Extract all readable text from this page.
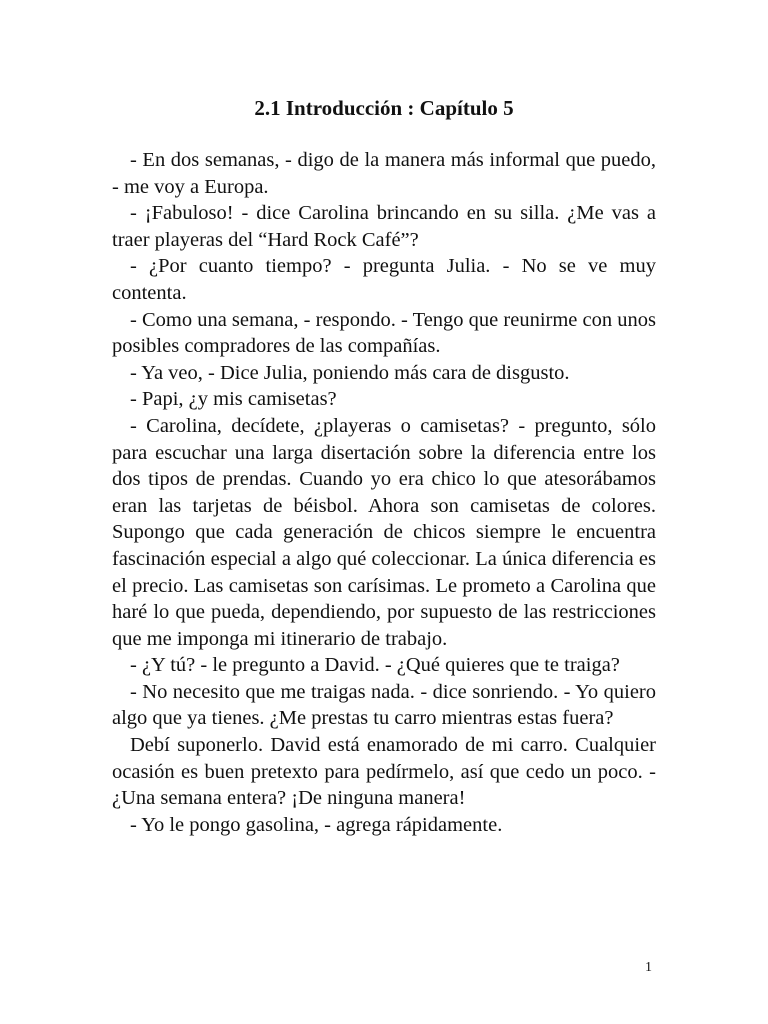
2.1 Introducción : Capítulo 5

- En dos semanas, - digo de la manera más informal que puedo, - me voy a Europa.

- ¡Fabuloso! - dice Carolina brincando en su silla. ¿Me vas a traer playeras del “Hard Rock Café”?

- ¿Por cuanto tiempo? - pregunta Julia. - No se ve muy contenta.

- Como una semana, - respondo. - Tengo que reunirme con unos posibles compradores de las compañías.

- Ya veo, - Dice Julia, poniendo más cara de disgusto.

- Papi, ¿y mis camisetas?

- Carolina, decídete, ¿playeras o camisetas? - pregunto, sólo para escuchar una larga disertación sobre la diferencia entre los dos tipos de prendas. Cuando yo era chico lo que atesorábamos eran las tarjetas de béisbol. Ahora son camisetas de colores. Supongo que cada generación de chicos siempre le encuentra fascinación especial a algo qué coleccionar. La única diferencia es el precio. Las camisetas son carísimas. Le prometo a Carolina que haré lo que pueda, dependiendo, por supuesto de las restricciones que me imponga mi itinerario de trabajo.

- ¿Y tú? - le pregunto a David. - ¿Qué quieres que te traiga?

- No necesito que me traigas nada. - dice sonriendo. - Yo quiero algo que ya tienes. ¿Me prestas tu carro mientras estas fuera?

Debí suponerlo. David está enamorado de mi carro. Cualquier ocasión es buen pretexto para pedírmelo, así que cedo un poco. - ¿Una semana entera? ¡De ninguna manera!

- Yo le pongo gasolina, - agrega rápidamente.

1
